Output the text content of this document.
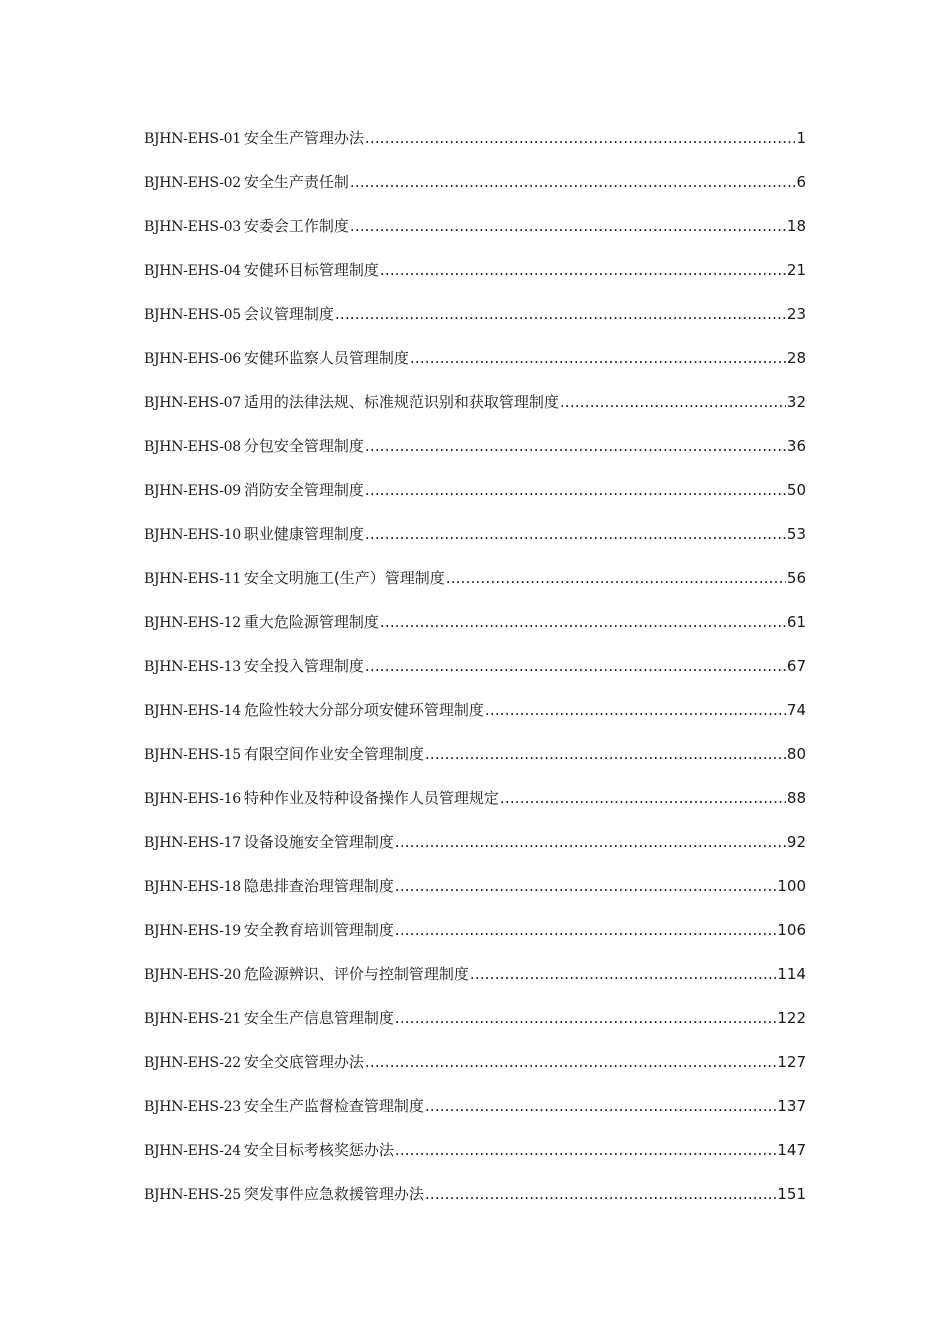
BJHN-EHS-01 安全生产管理办法 .....	1
BJHN-EHS-02 安全生产责任制 .....	6
BJHN-EHS-03 安委会工作制度 .....	18
BJHN-EHS-04 安健环目标管理制度 .....	21
BJHN-EHS-05 会议管理制度 .....	23
BJHN-EHS-06 安健环监察人员管理制度 .....	28
BJHN-EHS-07 适用的法律法规、标准规范识别和获取管理制度 .....	32
BJHN-EHS-08 分包安全管理制度 .....	36
BJHN-EHS-09 消防安全管理制度 .....	50
BJHN-EHS-10 职业健康管理制度 .....	53
BJHN-EHS-11 安全文明施工(生产）管理制度 .....	56
BJHN-EHS-12 重大危险源管理制度 .....	61
BJHN-EHS-13 安全投入管理制度 .....	67
BJHN-EHS-14 危险性较大分部分项安健环管理制度 .....	74
BJHN-EHS-15 有限空间作业安全管理制度 .....	80
BJHN-EHS-16 特种作业及特种设备操作人员管理规定 .....	88
BJHN-EHS-17 设备设施安全管理制度 .....	92
BJHN-EHS-18 隐患排查治理管理制度 .....	100
BJHN-EHS-19 安全教育培训管理制度 .....	106
BJHN-EHS-20 危险源辨识、评价与控制管理制度 .....	114
BJHN-EHS-21 安全生产信息管理制度 .....	122
BJHN-EHS-22 安全交底管理办法 .....	127
BJHN-EHS-23 安全生产监督检查管理制度 .....	137
BJHN-EHS-24 安全目标考核奖惩办法 .....	147
BJHN-EHS-25 突发事件应急救援管理办法 .....	151
